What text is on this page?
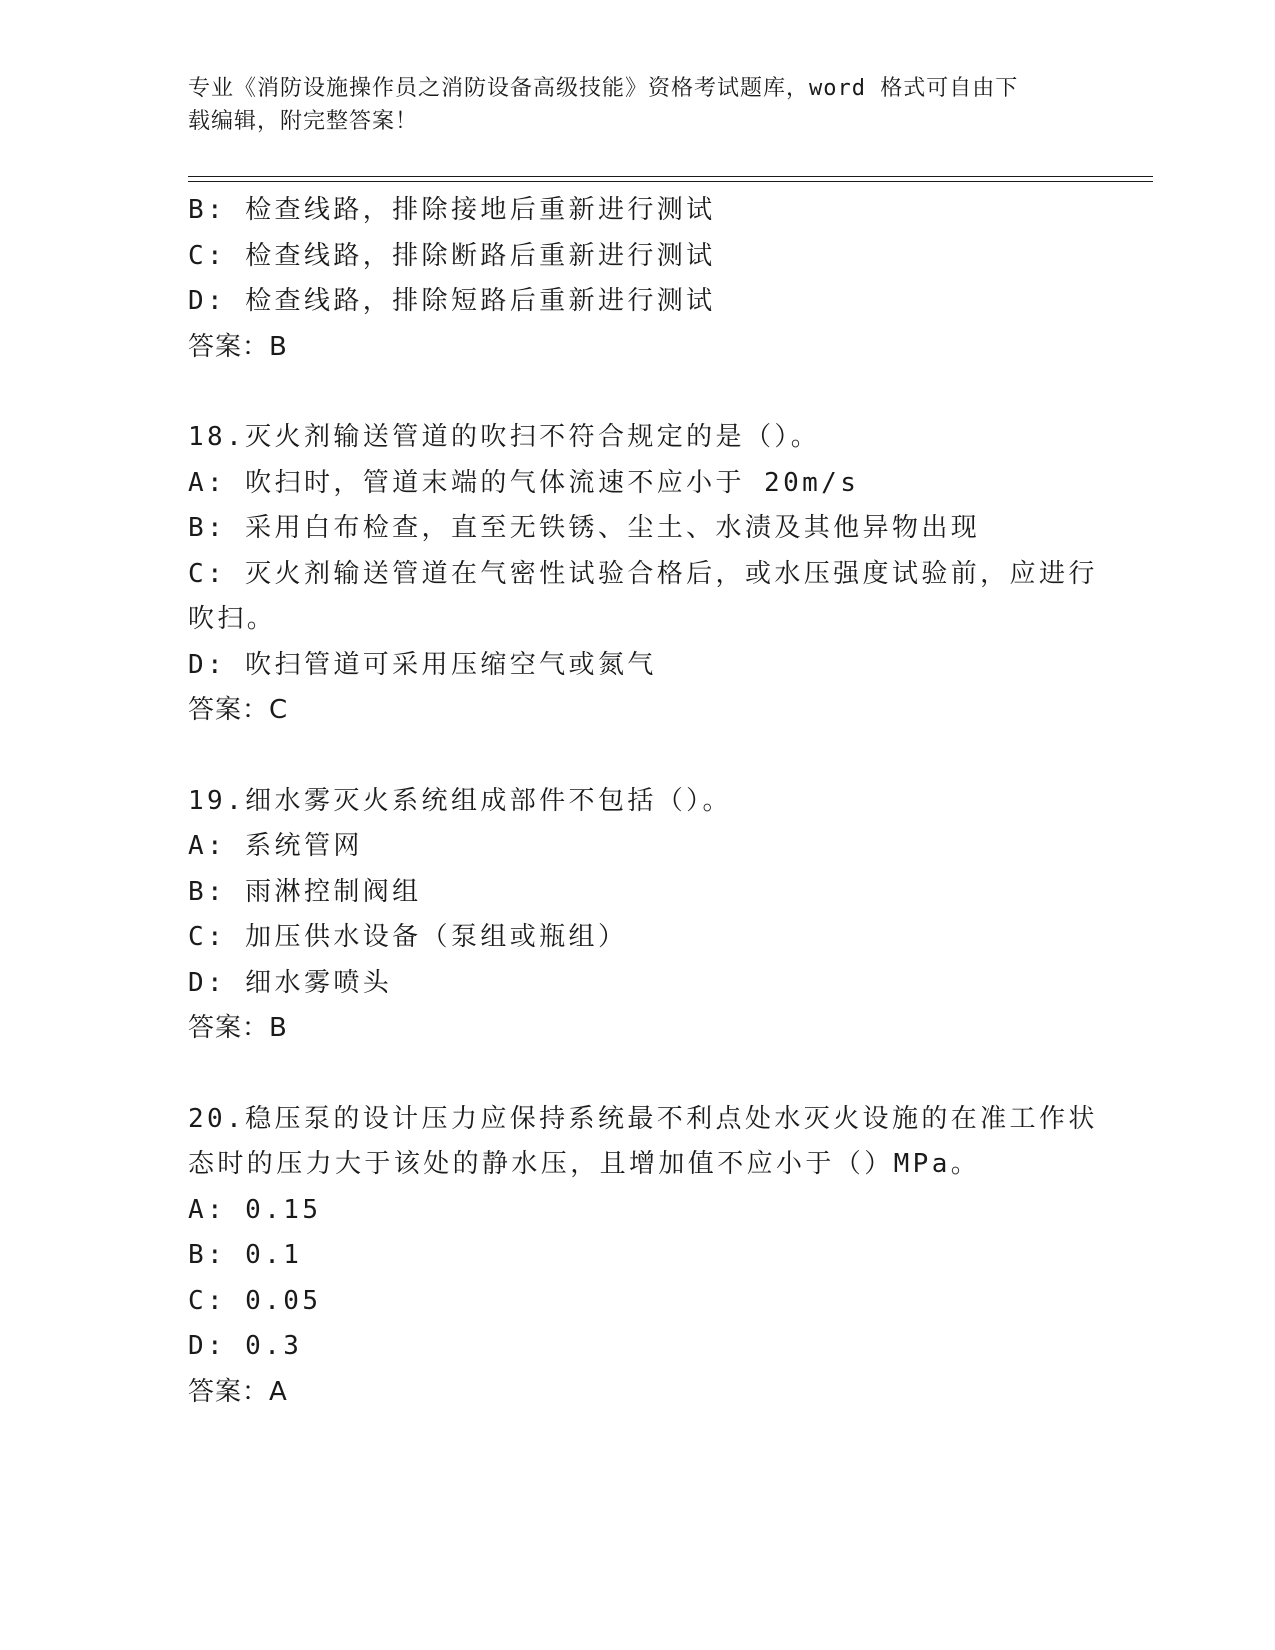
专业《消防设施操作员之消防设备高级技能》资格考试题库，word 格式可自由下
载编辑，附完整答案！
B: 检查线路，排除接地后重新进行测试
C: 检查线路，排除断路后重新进行测试
D: 检查线路，排除短路后重新进行测试
答案：B
18.灭火剂输送管道的吹扫不符合规定的是（）。
A: 吹扫时，管道末端的气体流速不应小于 20m/s
B: 采用白布检查，直至无铁锈、尘土、水渍及其他异物出现
C: 灭火剂输送管道在气密性试验合格后，或水压强度试验前，应进行
吹扫。
D: 吹扫管道可采用压缩空气或氮气
答案：C
19.细水雾灭火系统组成部件不包括（）。
A: 系统管网
B: 雨淋控制阀组
C: 加压供水设备（泵组或瓶组）
D: 细水雾喷头
答案：B
20.稳压泵的设计压力应保持系统最不利点处水灭火设施的在准工作状
态时的压力大于该处的静水压，且增加值不应小于（）MPa。
A: 0.15
B: 0.1
C: 0.05
D: 0.3
答案：A
